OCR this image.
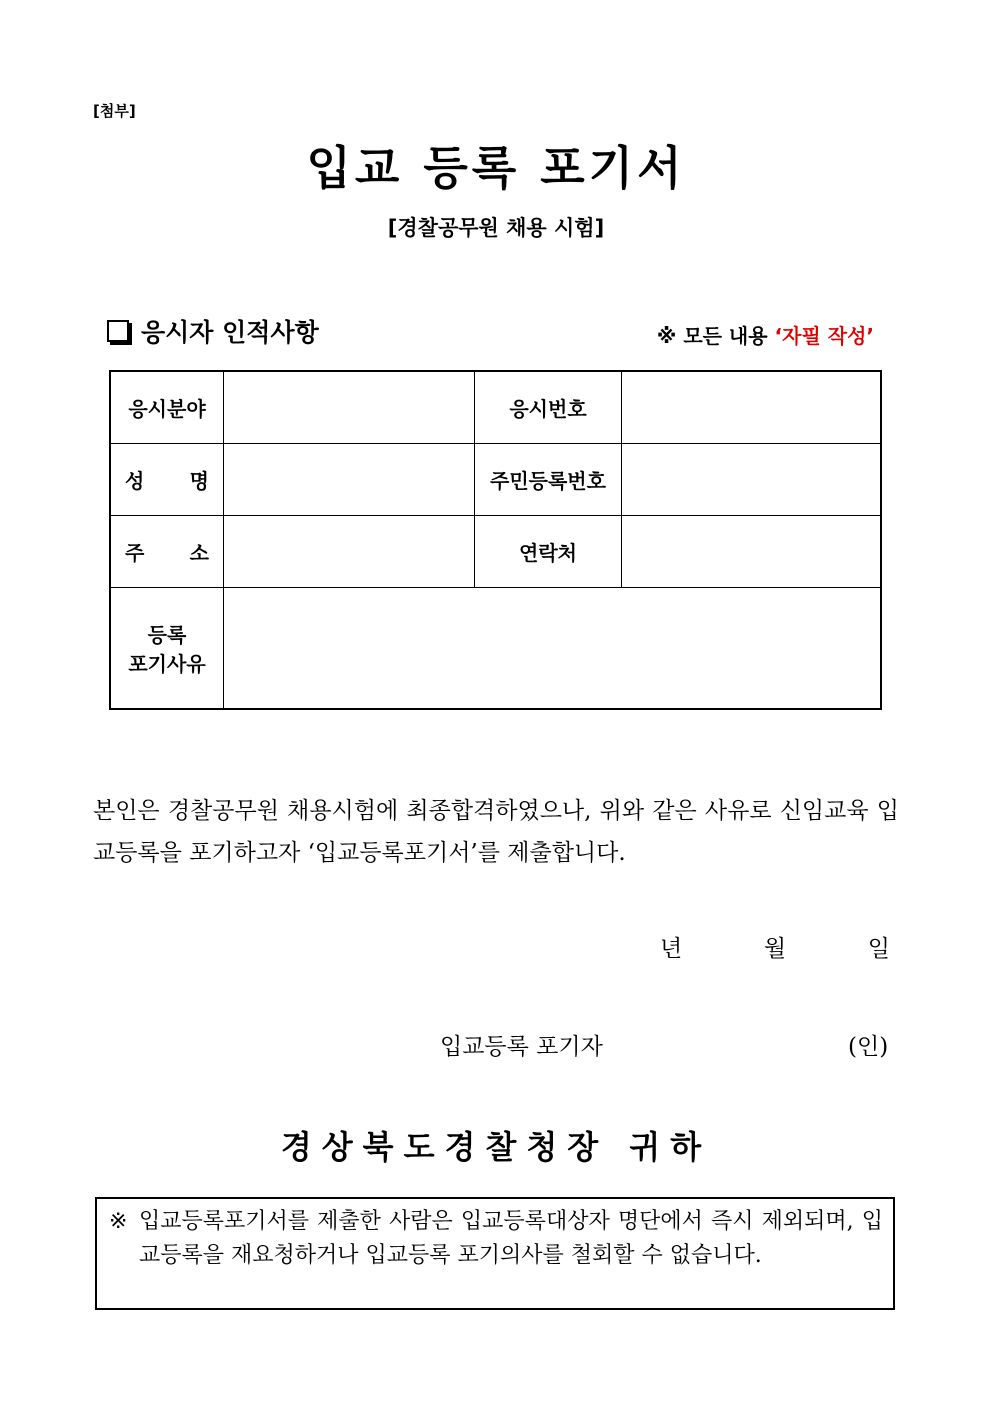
[첨부]
입교 등록 포기서
[경찰공무원 채용 시험]
응시자 인적사항	※ 모든 내용 ‘자필 작성’
응시분야		응시번호	

성 명		주민등록번호	

주 소		연락처	

등록
포기사유			

본인은 경찰공무원 채용시험에 최종합격하였으나, 위와 같은 사유로 신임교육 입교등록을 포기하고자 ‘입교등록포기서’를 제출합니다.
년	월	일
입교등록 포기자	(인)
경상북도경찰청장 귀하
※ 입교등록포기서를 제출한 사람은 입교등록대상자 명단에서 즉시 제외되며, 입교등록을 재요청하거나 입교등록 포기의사를 철회할 수 없습니다.
